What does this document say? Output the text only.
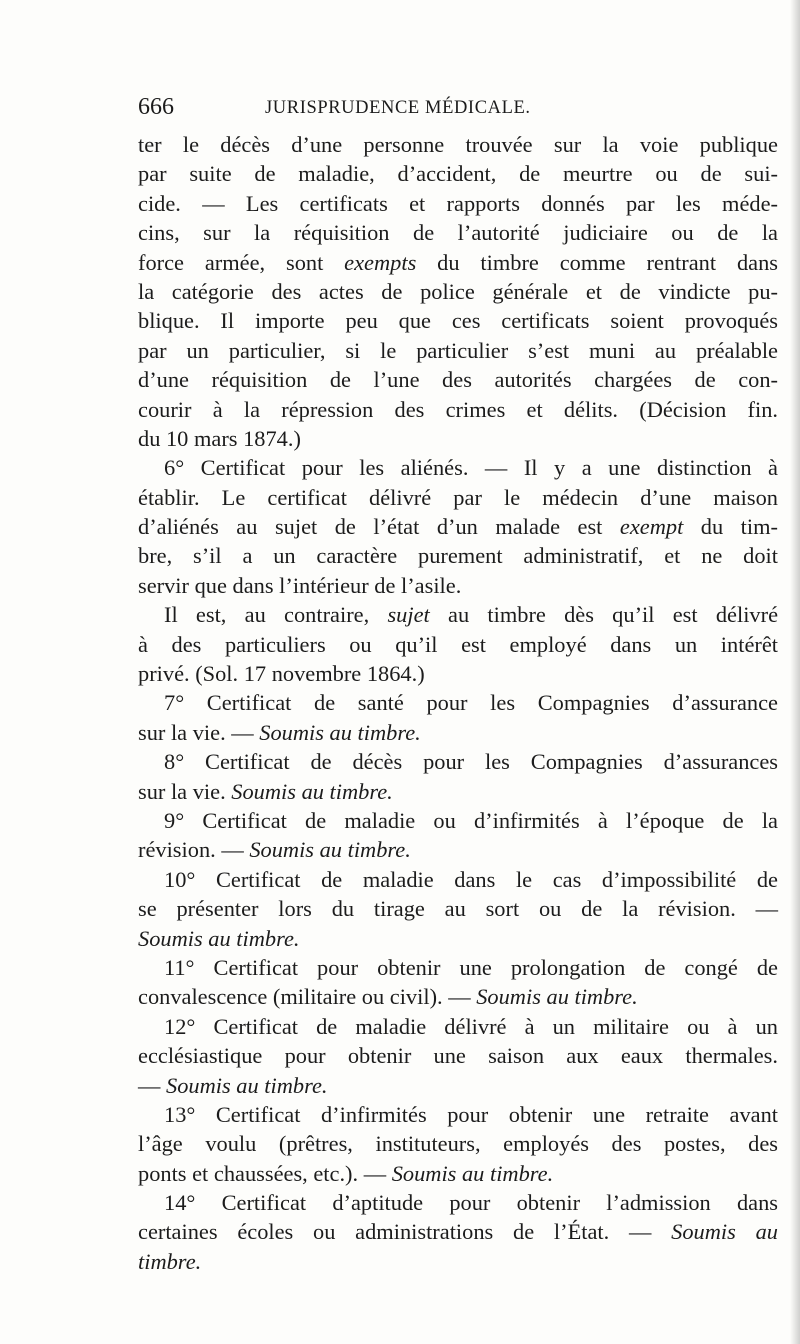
666	JURISPRUDENCE MÉDICALE.
ter le décès d’une personne trouvée sur la voie publique
par suite de maladie, d’accident, de meurtre ou de sui-
cide. — Les certificats et rapports donnés par les méde-
cins, sur la réquisition de l’autorité judiciaire ou de la
force armée, sont exempts du timbre comme rentrant dans
la catégorie des actes de police générale et de vindicte pu-
blique. Il importe peu que ces certificats soient provoqués
par un particulier, si le particulier s’est muni au préalable
d’une réquisition de l’une des autorités chargées de con-
courir à la répression des crimes et délits. (Décision fin.
du 10 mars 1874.)
6° Certificat pour les aliénés. — Il y a une distinction à
établir. Le certificat délivré par le médecin d’une maison
d’aliénés au sujet de l’état d’un malade est exempt du tim-
bre, s’il a un caractère purement administratif, et ne doit
servir que dans l’intérieur de l’asile.
Il est, au contraire, sujet au timbre dès qu’il est délivré
à des particuliers ou qu’il est employé dans un intérêt
privé. (Sol. 17 novembre 1864.)
7° Certificat de santé pour les Compagnies d’assurance
sur la vie. — Soumis au timbre.
8° Certificat de décès pour les Compagnies d’assurances
sur la vie. Soumis au timbre.
9° Certificat de maladie ou d’infirmités à l’époque de la
révision. — Soumis au timbre.
10° Certificat de maladie dans le cas d’impossibilité de
se présenter lors du tirage au sort ou de la révision. —
Soumis au timbre.
11° Certificat pour obtenir une prolongation de congé de
convalescence (militaire ou civil). — Soumis au timbre.
12° Certificat de maladie délivré à un militaire ou à un
ecclésiastique pour obtenir une saison aux eaux thermales.
— Soumis au timbre.
13° Certificat d’infirmités pour obtenir une retraite avant
l’âge voulu (prêtres, instituteurs, employés des postes, des
ponts et chaussées, etc.). — Soumis au timbre.
14° Certificat d’aptitude pour obtenir l’admission dans
certaines écoles ou administrations de l’État. — Soumis au
timbre.
